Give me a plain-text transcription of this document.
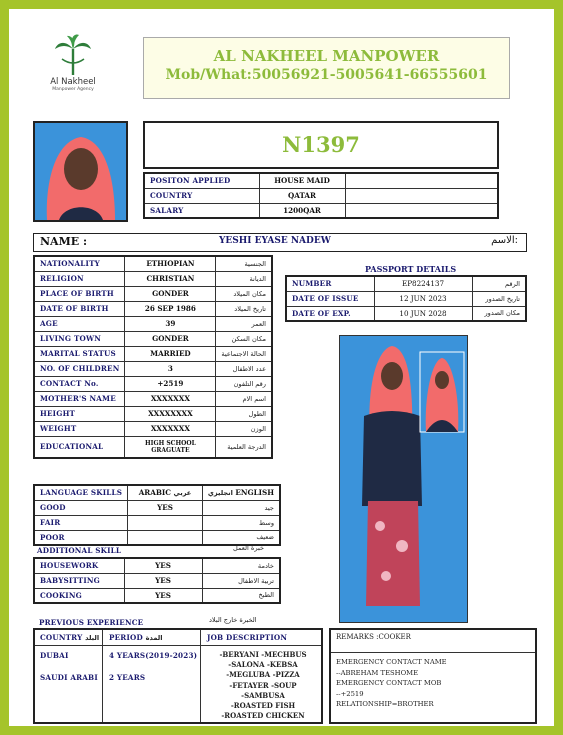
Al Nakheel
Manpower Agency
AL NAKHEEL MANPOWER
Mob/What:50056921-5005641-66555601
N1397
POSITON APPLIED	HOUSE MAID	
COUNTRY	QATAR	
SALARY	1200QAR	
NAME :	YESHI EYASE NADEW	الاسم:
NATIONALITY	ETHIOPIAN	الجنسية
RELIGION	CHRISTIAN	الديانة
PLACE OF BIRTH	GONDER	مكان الميلاد
DATE OF BIRTH	26 SEP 1986	تاريخ الميلاد
AGE	39	العمر
LIVING TOWN	GONDER	مكان السكن
MARITAL STATUS	MARRIED	الحالة الاجتماعية
NO. OF CHILDREN	3	عدد الاطفال
CONTACT No.	+2519	رقم التلفون
MOTHER'S NAME	XXXXXXX	اسم الام
HEIGHT	XXXXXXXX	الطول
WEIGHT	XXXXXXX	الوزن
EDUCATIONAL	HIGH SCHOOL GRAGUATE	الدرجة العلمية
PASSPORT DETAILS
NUMBER	EP8224137	الرقم
DATE OF ISSUE	12 JUN 2023	تاريخ الصدور
DATE OF EXP.	10 JUN 2028	مكان الصدور
LANGUAGE SKILLS	ARABIC عربي	انجليزي ENGLISH
GOOD	YES	جيد
FAIR		وسط
POOR		ضعيف
ADDITIONAL SKILL	خبرة العمل
HOUSEWORK	YES	خادمة
BABYSITTING	YES	تربية الاطفال
COOKING	YES	الطبخ
PREVIOUS EXPERIENCE	الخبرة خارج البلاد
COUNTRY البلد PERIOD المدة	JOB DESCRIPTION
DUBAI	4 YEARS(2019-2023)
SAUDI ARABI 2 YEARS
-BERYANI -MECHBUS
-SALONA -KEBSA
-MEGLUBA -PIZZA
-FETAYER -SOUP
-SAMBUSA
-ROASTED FISH
-ROASTED CHICKEN
REMARKS :COOKER
EMERGENCY CONTACT NAME
--ABREHAM TESHOME
EMERGENCY CONTACT MOB
--+2519
RELATIONSHIP=BROTHER
